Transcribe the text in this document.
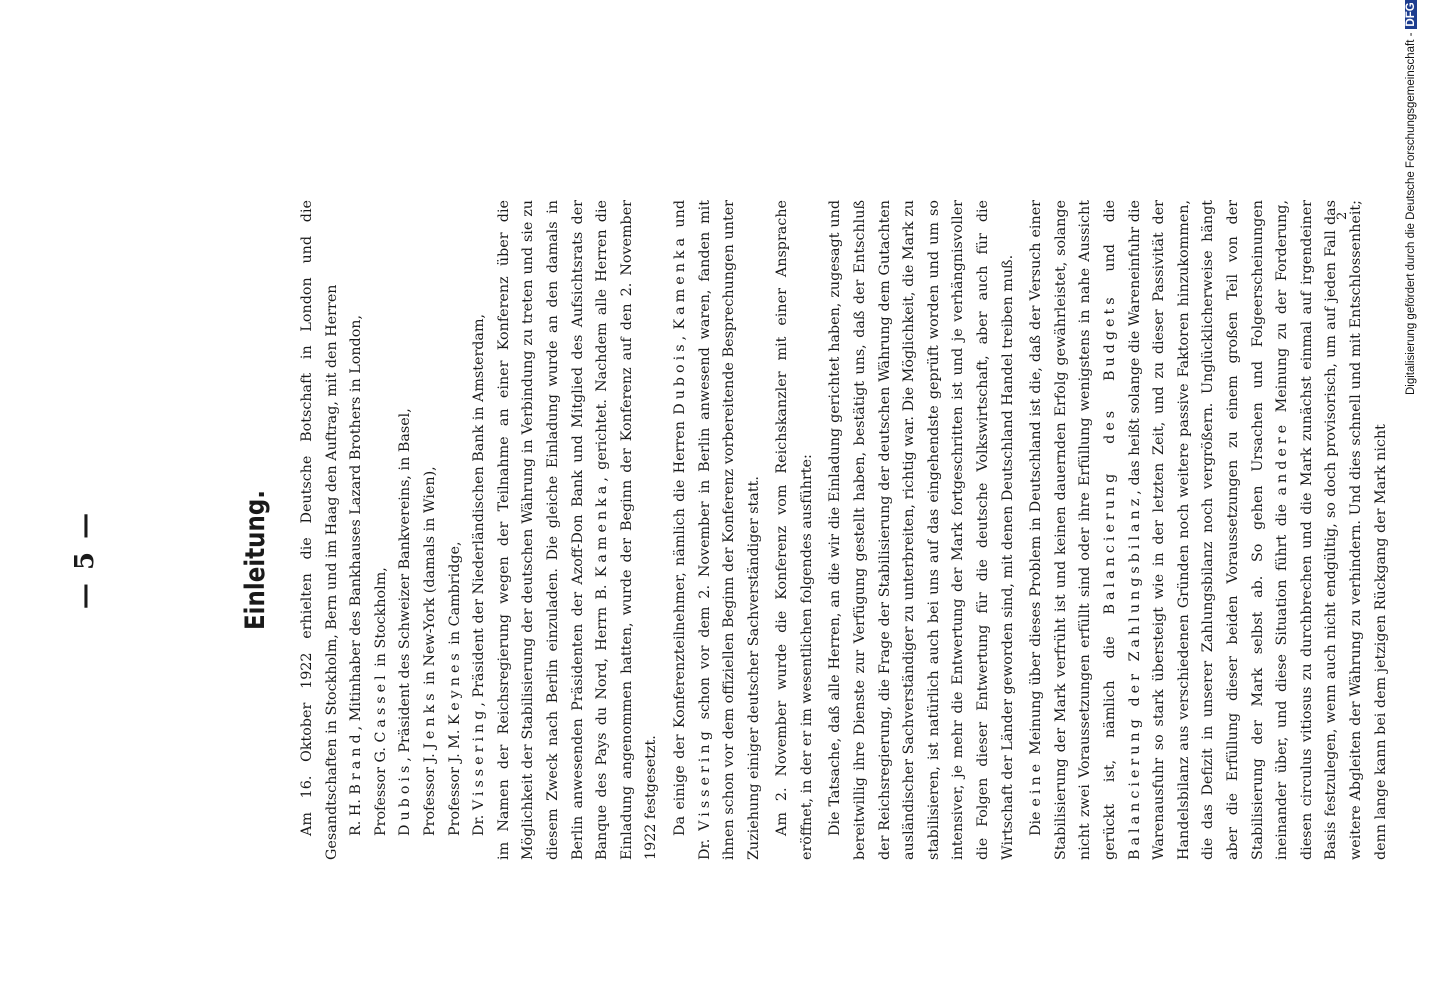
— 5 —	Einleitung. Am 16. Oktober 1922 erhielten die Deutsche Botschaft in London und die Gesandtschaften in Stockholm, Bern und im Haag den Auftrag, mit den Herren R. H. Brand, Mitinhaber des Bankhauses Lazard Brothers in London,

Professor G. Cassel in Stockholm,

Dubois, Präsident des Schweizer Bankvereins, in Basel,

Professor J. Jenks in New-York (damals in Wien),

Professor J. M. Keynes in Cambridge,

Dr. Vissering, Präsident der Niederländischen Bank in Amsterdam, im Namen der Reichsregierung wegen der Teilnahme an einer Konferenz über die Möglichkeit der Stabilisierung der deutschen Währung in Verbindung zu treten und sie zu diesem Zweck nach Berlin einzuladen. Die gleiche Einladung wurde an den damals in Berlin anwesenden Präsidenten der Azoff-Don Bank und Mitglied des Aufsichtsrats der Banque des Pays du Nord, Herrn B. Kamenka, gerichtet. Nachdem alle Herren die Einladung angenommen hatten, wurde der Beginn der Konferenz auf den 2. November 1922 festgesetzt. Da einige der Konferenzteilnehmer, nämlich die Herren Dubois, Kamenka und Dr. Vissering schon vor dem 2. November in Berlin anwesend waren, fanden mit ihnen schon vor dem offiziellen Beginn der Konferenz vorbereitende Besprechungen unter Zuziehung einiger deutscher Sachverständiger statt. Am 2. November wurde die Konferenz vom Reichskanzler mit einer Ansprache eröffnet, in der er im wesentlichen folgendes ausführte: Die Tatsache, daß alle Herren, an die wir die Einladung gerichtet haben, zugesagt und bereitwillig ihre Dienste zur Verfügung gestellt haben, bestätigt uns, daß der Entschluß der Reichsregierung, die Frage der Stabilisierung der deutschen Währung dem Gutachten ausländischer Sachverständiger zu unterbreiten, richtig war. Die Möglichkeit, die Mark zu stabilisieren, ist natürlich auch bei uns auf das eingehendste geprüft worden und um so intensiver, je mehr die Entwertung der Mark fortgeschritten ist und je verhängnisvoller die Folgen dieser Entwertung für die deutsche Volkswirtschaft, aber auch für die Wirtschaft der Länder geworden sind, mit denen Deutschland Handel treiben muß. Die eine Meinung über dieses Problem in Deutschland ist die, daß der Versuch einer Stabilisierung der Mark verfrüht ist und keinen dauernden Erfolg gewährleistet, solange nicht zwei Voraussetzungen erfüllt sind oder ihre Erfüllung wenigstens in nahe Aussicht gerückt ist, nämlich die Balancierung des Budgets und die Balancierung der Zahlungsbilanz, das heißt solange die Wareneinfuhr die Warenausfuhr so stark übersteigt wie in der letzten Zeit, und zu dieser Passivität der Handelsbilanz aus verschiedenen Gründen noch weitere passive Faktoren hinzukommen, die das Defizit in unserer Zahlungsbilanz noch vergrößern. Unglücklicherweise hängt aber die Erfüllung dieser beiden Voraussetzungen zu einem großen Teil von der Stabilisierung der Mark selbst ab. So gehen Ursachen und Folgeerscheinungen ineinander über, und diese Situation führt die andere Meinung zu der Forderung, diesen circulus vitiosus zu durchbrechen und die Mark zunächst einmal auf irgendeiner Basis festzulegen, wenn auch nicht endgültig, so doch provisorisch, um auf jeden Fall das weitere Abgleiten der Währung zu verhindern. Und dies schnell und mit Entschlossenheit; denn lange kann bei dem jetzigen Rückgang der Mark nicht

2	Digitalisierung gefördert durch die Deutsche Forschungsgemeinschaft -DFG
